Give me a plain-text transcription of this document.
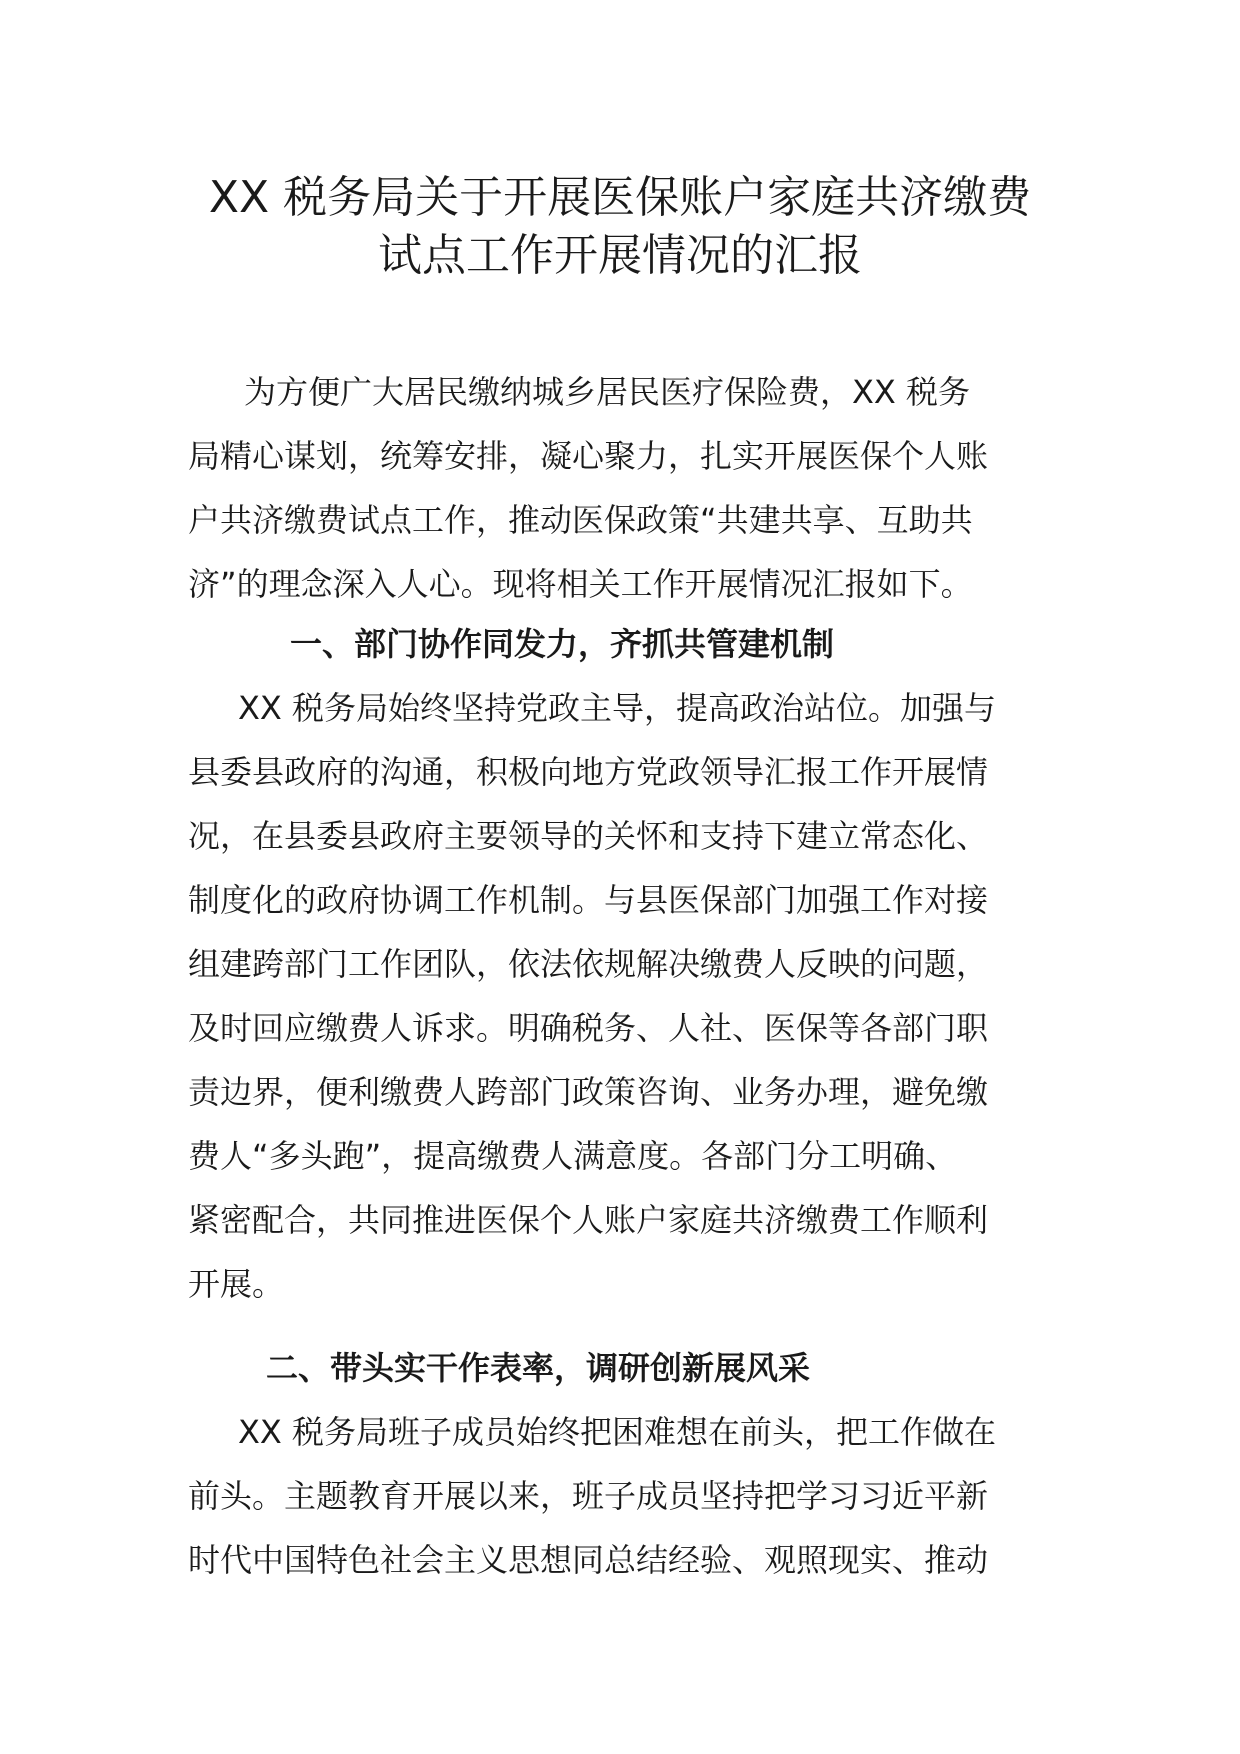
XX 税务局关于开展医保账户家庭共济缴费
试点工作开展情况的汇报

为方便广大居民缴纳城乡居民医疗保险费，XX 税务
局精心谋划，统筹安排，凝心聚力，扎实开展医保个人账
户共济缴费试点工作，推动医保政策“共建共享、互助共
济”的理念深入人心。现将相关工作开展情况汇报如下。

一、部门协作同发力，齐抓共管建机制

XX 税务局始终坚持党政主导，提高政治站位。加强与
县委县政府的沟通，积极向地方党政领导汇报工作开展情
况，在县委县政府主要领导的关怀和支持下建立常态化、
制度化的政府协调工作机制。与县医保部门加强工作对接
组建跨部门工作团队，依法依规解决缴费人反映的问题，
及时回应缴费人诉求。明确税务、人社、医保等各部门职
责边界，便利缴费人跨部门政策咨询、业务办理，避免缴
费人“多头跑”，提高缴费人满意度。各部门分工明确、
紧密配合，共同推进医保个人账户家庭共济缴费工作顺利
开展。

二、带头实干作表率，调研创新展风采

XX 税务局班子成员始终把困难想在前头，把工作做在
前头。主题教育开展以来，班子成员坚持把学习习近平新
时代中国特色社会主义思想同总结经验、观照现实、推动
